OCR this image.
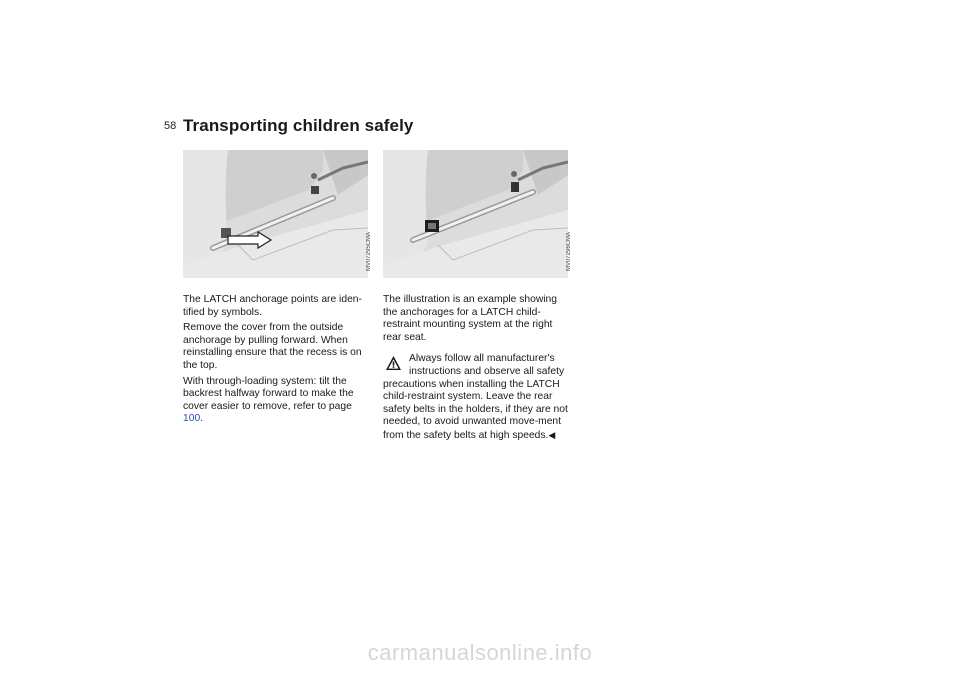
58 Transporting children safely
MV07295CMA	MV07296CMA

The LATCH anchorage points are iden-tified by symbols.

Remove the cover from the outside anchorage by pulling forward. When reinstalling ensure that the recess is on the top.

With through-loading system: tilt the backrest halfway forward to make the cover easier to remove, refer to page 100.

The illustration is an example showing the anchorages for a LATCH child-restraint mounting system at the right rear seat.

Always follow all manufacturer's
instructions and observe all safety
precautions when installing the LATCH child-restraint system. Leave the rear safety belts in the holders, if they are not needed, to avoid unwanted move-ment from the safety belts at high speeds.◀
carmanualsonline.info
